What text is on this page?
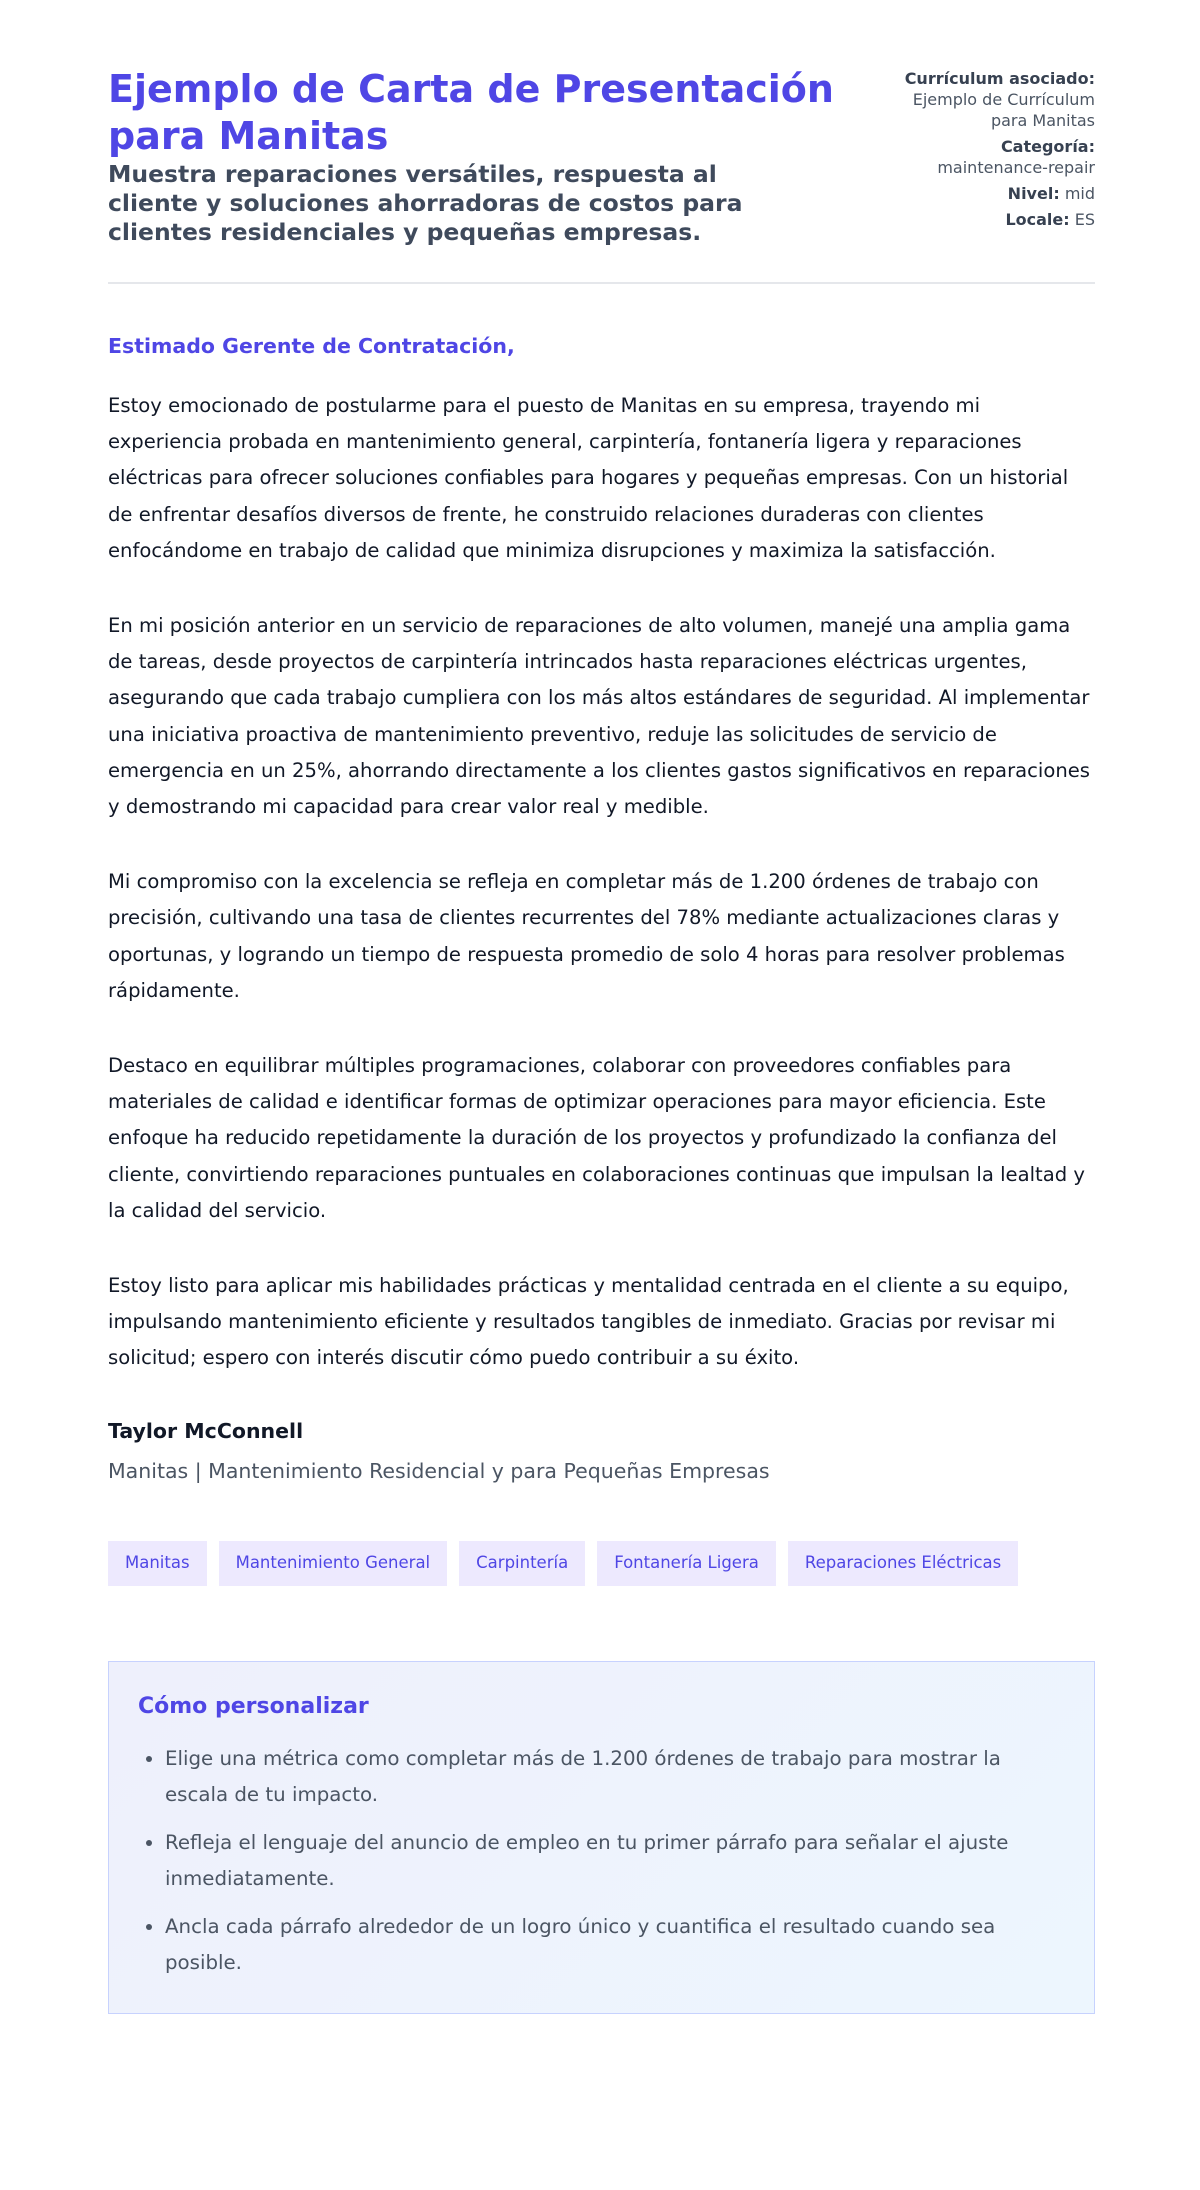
Ejemplo de Carta de Presentación para Manitas
Muestra reparaciones versátiles, respuesta al cliente y soluciones ahorradoras de costos para clientes residenciales y pequeñas empresas.
Currículum asociado: Ejemplo de Currículum para Manitas
Categoría: maintenance-repair
Nivel: mid
Locale: ES
Estimado Gerente de Contratación,

Estoy emocionado de postularme para el puesto de Manitas en su empresa, trayendo mi experiencia probada en mantenimiento general, carpintería, fontanería ligera y reparaciones eléctricas para ofrecer soluciones confiables para hogares y pequeñas empresas. Con un historial de enfrentar desafíos diversos de frente, he construido relaciones duraderas con clientes enfocándome en trabajo de calidad que minimiza disrupciones y maximiza la satisfacción.

En mi posición anterior en un servicio de reparaciones de alto volumen, manejé una amplia gama de tareas, desde proyectos de carpintería intrincados hasta reparaciones eléctricas urgentes, asegurando que cada trabajo cumpliera con los más altos estándares de seguridad. Al implementar una iniciativa proactiva de mantenimiento preventivo, reduje las solicitudes de servicio de emergencia en un 25%, ahorrando directamente a los clientes gastos significativos en reparaciones y demostrando mi capacidad para crear valor real y medible.

Mi compromiso con la excelencia se refleja en completar más de 1.200 órdenes de trabajo con precisión, cultivando una tasa de clientes recurrentes del 78% mediante actualizaciones claras y oportunas, y logrando un tiempo de respuesta promedio de solo 4 horas para resolver problemas rápidamente.

Destaco en equilibrar múltiples programaciones, colaborar con proveedores confiables para materiales de calidad e identificar formas de optimizar operaciones para mayor eficiencia. Este enfoque ha reducido repetidamente la duración de los proyectos y profundizado la confianza del cliente, convirtiendo reparaciones puntuales en colaboraciones continuas que impulsan la lealtad y la calidad del servicio.

Estoy listo para aplicar mis habilidades prácticas y mentalidad centrada en el cliente a su equipo, impulsando mantenimiento eficiente y resultados tangibles de inmediato. Gracias por revisar mi solicitud; espero con interés discutir cómo puedo contribuir a su éxito.

Taylor McConnell
Manitas | Mantenimiento Residencial y para Pequeñas Empresas
Manitas	Mantenimiento General	Carpintería	Fontanería Ligera	Reparaciones Eléctricas
Cómo personalizar
• Elige una métrica como completar más de 1.200 órdenes de trabajo para mostrar la escala de tu impacto.
• Refleja el lenguaje del anuncio de empleo en tu primer párrafo para señalar el ajuste inmediatamente.
• Ancla cada párrafo alrededor de un logro único y cuantifica el resultado cuando sea posible.
